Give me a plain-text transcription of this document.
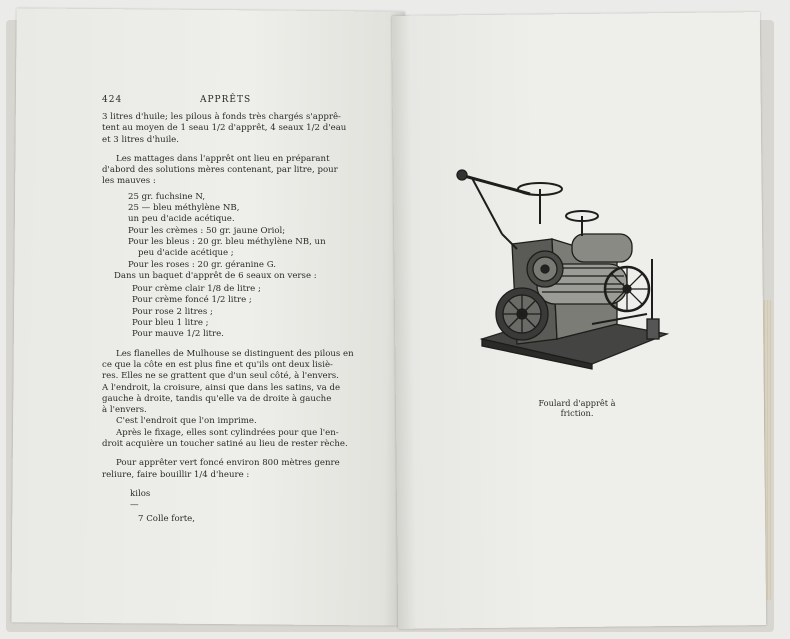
424	APPRÊTS

3 litres d'huile; les pilous à fonds très chargés s'apprê-

tent au moyen de 1 seau 1/2 d'apprêt, 4 seaux 1/2 d'eau

et 3 litres d'huile.

Les mattages dans l'apprêt ont lieu en préparant

d'abord des solutions mères contenant, par litre, pour

les mauves :

25 gr. fuchsine N,

25 — bleu méthylène NB,

un peu d'acide acétique.

Pour les crèmes : 50 gr. jaune Oriol;

Pour les bleus : 20 gr. bleu méthylène NB, un

peu d'acide acétique ;

Pour les roses : 20 gr. géranine G.

Dans un baquet d'apprêt de 6 seaux on verse :

Pour crème clair 1/8 de litre ;

Pour crème foncé 1/2 litre ;

Pour rose 2 litres ;

Pour bleu 1 litre ;

Pour mauve 1/2 litre.

Les flanelles de Mulhouse se distinguent des pilous en

ce que la côte en est plus fine et qu'ils ont deux lisiè-

res. Elles ne se grattent que d'un seul côté, à l'envers.

A l'endroit, la croisure, ainsi que dans les satins, va de

gauche à droite, tandis qu'elle va de droite à gauche

à l'envers.

C'est l'endroit que l'on imprime.

Après le fixage, elles sont cylindrées pour que l'en-

droit acquière un toucher satiné au lieu de rester rèche.

Pour apprêter vert foncé environ 800 mètres genre

reliure, faire bouillir 1/4 d'heure :

kilos

—

7 Colle forte,

Foulard d'apprêt à friction.
